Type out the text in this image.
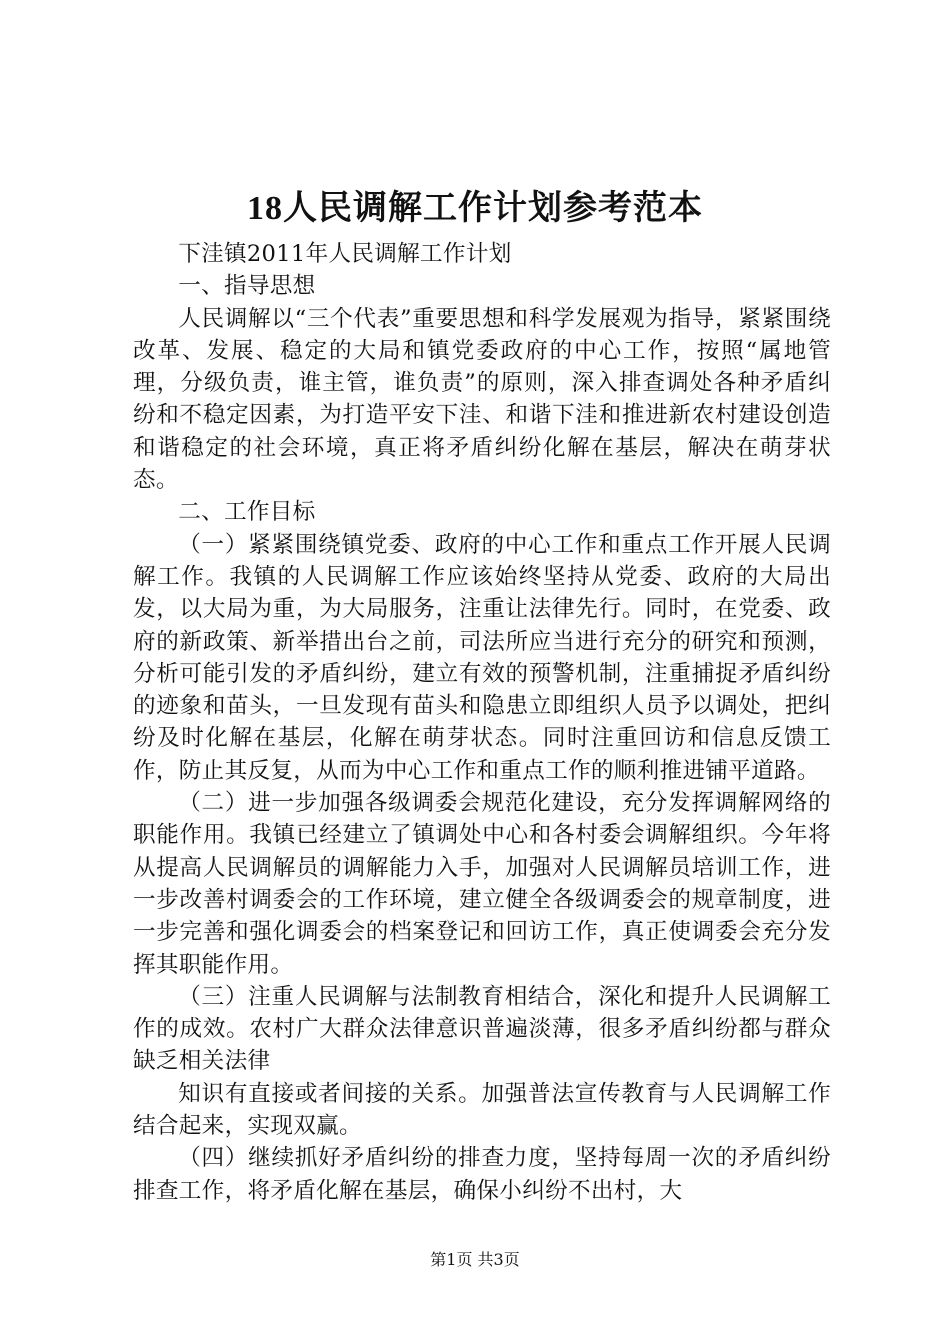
18人民调解工作计划参考范本

下洼镇2011年人民调解工作计划

一、指导思想

人民调解以“三个代表”重要思想和科学发展观为指导，紧紧围绕改革、发展、稳定的大局和镇党委政府的中心工作，按照“属地管理，分级负责，谁主管，谁负责”的原则，深入排查调处各种矛盾纠纷和不稳定因素，为打造平安下洼、和谐下洼和推进新农村建设创造和谐稳定的社会环境，真正将矛盾纠纷化解在基层，解决在萌芽状态。

二、工作目标

（一）紧紧围绕镇党委、政府的中心工作和重点工作开展人民调解工作。我镇的人民调解工作应该始终坚持从党委、政府的大局出发，以大局为重，为大局服务，注重让法律先行。同时，在党委、政府的新政策、新举措出台之前，司法所应当进行充分的研究和预测，分析可能引发的矛盾纠纷，建立有效的预警机制，注重捕捉矛盾纠纷的迹象和苗头，一旦发现有苗头和隐患立即组织人员予以调处，把纠纷及时化解在基层，化解在萌芽状态。同时注重回访和信息反馈工作，防止其反复，从而为中心工作和重点工作的顺利推进铺平道路。

（二）进一步加强各级调委会规范化建设，充分发挥调解网络的职能作用。我镇已经建立了镇调处中心和各村委会调解组织。今年将从提高人民调解员的调解能力入手，加强对人民调解员培训工作，进一步改善村调委会的工作环境，建立健全各级调委会的规章制度，进一步完善和强化调委会的档案登记和回访工作，真正使调委会充分发挥其职能作用。

（三）注重人民调解与法制教育相结合，深化和提升人民调解工作的成效。农村广大群众法律意识普遍淡薄，很多矛盾纠纷都与群众缺乏相关法律

知识有直接或者间接的关系。加强普法宣传教育与人民调解工作结合起来，实现双赢。

（四）继续抓好矛盾纠纷的排查力度，坚持每周一次的矛盾纠纷排查工作，将矛盾化解在基层，确保小纠纷不出村，大

第1页 共3页
